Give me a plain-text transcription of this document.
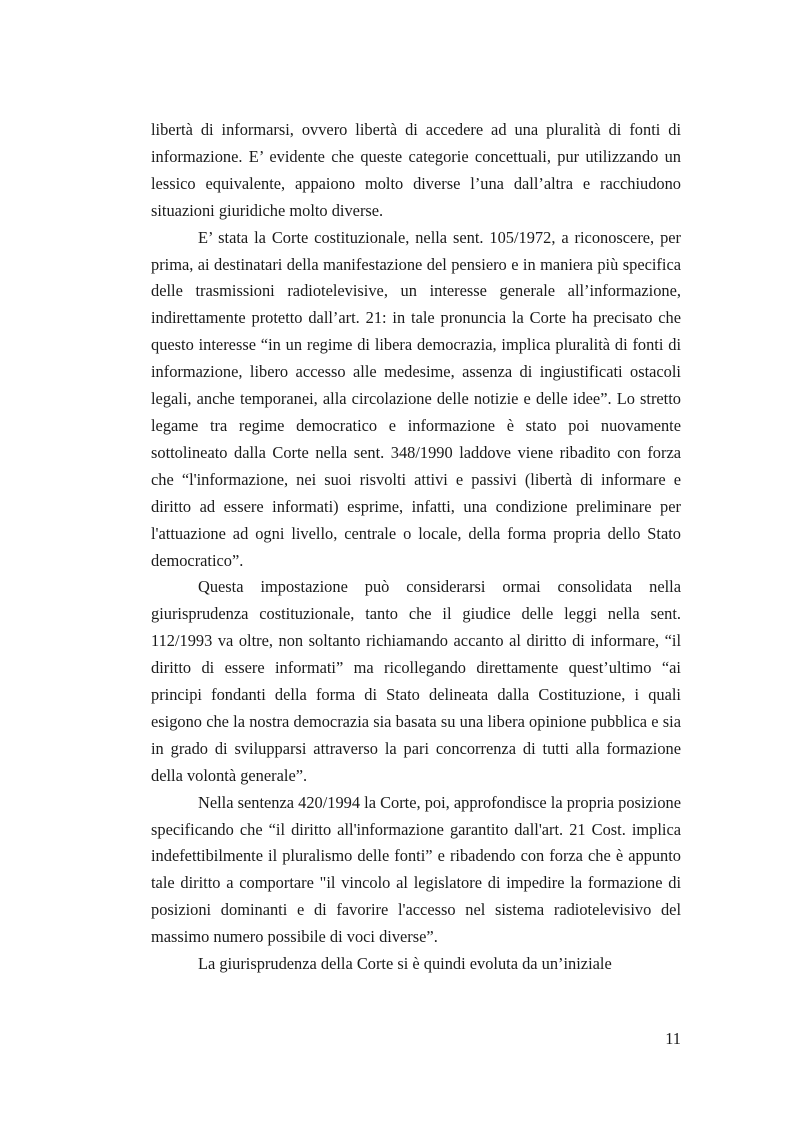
libertà di informarsi, ovvero libertà di accedere ad una pluralità di fonti di informazione. E’ evidente che queste categorie concettuali, pur utilizzando un lessico equivalente, appaiono molto diverse l’una dall’altra e racchiudono situazioni giuridiche molto diverse.

E’ stata la Corte costituzionale, nella sent. 105/1972, a riconoscere, per prima, ai destinatari della manifestazione del pensiero e in maniera più specifica delle trasmissioni radiotelevisive, un interesse generale all’informazione, indirettamente protetto dall’art. 21: in tale pronuncia la Corte ha precisato che questo interesse “in un regime di libera democrazia, implica pluralità di fonti di informazione, libero accesso alle medesime, assenza di ingiustificati ostacoli legali, anche temporanei, alla circolazione delle notizie e delle idee”. Lo stretto legame tra regime democratico e informazione è stato poi nuovamente sottolineato dalla Corte nella sent. 348/1990 laddove viene ribadito con forza che “l'informazione, nei suoi risvolti attivi e passivi (libertà di informare e diritto ad essere informati) esprime, infatti, una condizione preliminare per l'attuazione ad ogni livello, centrale o locale, della forma propria dello Stato democratico”.

Questa impostazione può considerarsi ormai consolidata nella giurisprudenza costituzionale, tanto che il giudice delle leggi nella sent. 112/1993 va oltre, non soltanto richiamando accanto al diritto di informare, “il diritto di essere informati” ma ricollegando direttamente quest’ultimo “ai principi fondanti della forma di Stato delineata dalla Costituzione, i quali esigono che la nostra democrazia sia basata su una libera opinione pubblica e sia in grado di svilupparsi attraverso la pari concorrenza di tutti alla formazione della volontà generale”.

Nella sentenza 420/1994 la Corte, poi, approfondisce la propria posizione specificando che “il diritto all'informazione garantito dall'art. 21 Cost. implica indefettibilmente il pluralismo delle fonti” e ribadendo con forza che è appunto tale diritto a comportare "il vincolo al legislatore di impedire la formazione di posizioni dominanti e di favorire l'accesso nel sistema radiotelevisivo del massimo numero possibile di voci diverse”.

La giurisprudenza della Corte si è quindi evoluta da un’iniziale

11
